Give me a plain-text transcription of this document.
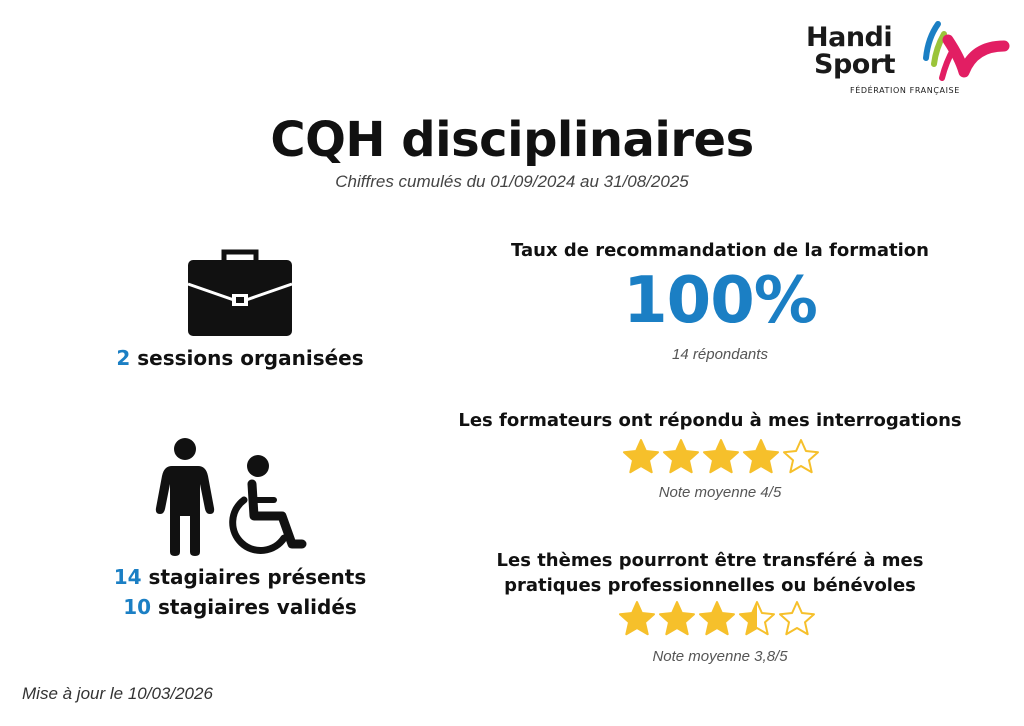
Handi
Sport
FÉDÉRATION FRANÇAISE
CQH disciplinaires
Chiffres cumulés du 01/09/2024 au 31/08/2025
2 sessions organisées
14 stagiaires présents
10 stagiaires validés
Taux de recommandation de la formation
100%
14 répondants
Les formateurs ont répondu à mes interrogations
Note moyenne 4/5
Les thèmes pourront être transféré à mes
pratiques professionnelles ou bénévoles
Note moyenne 3,8/5
Mise à jour le 10/03/2026
